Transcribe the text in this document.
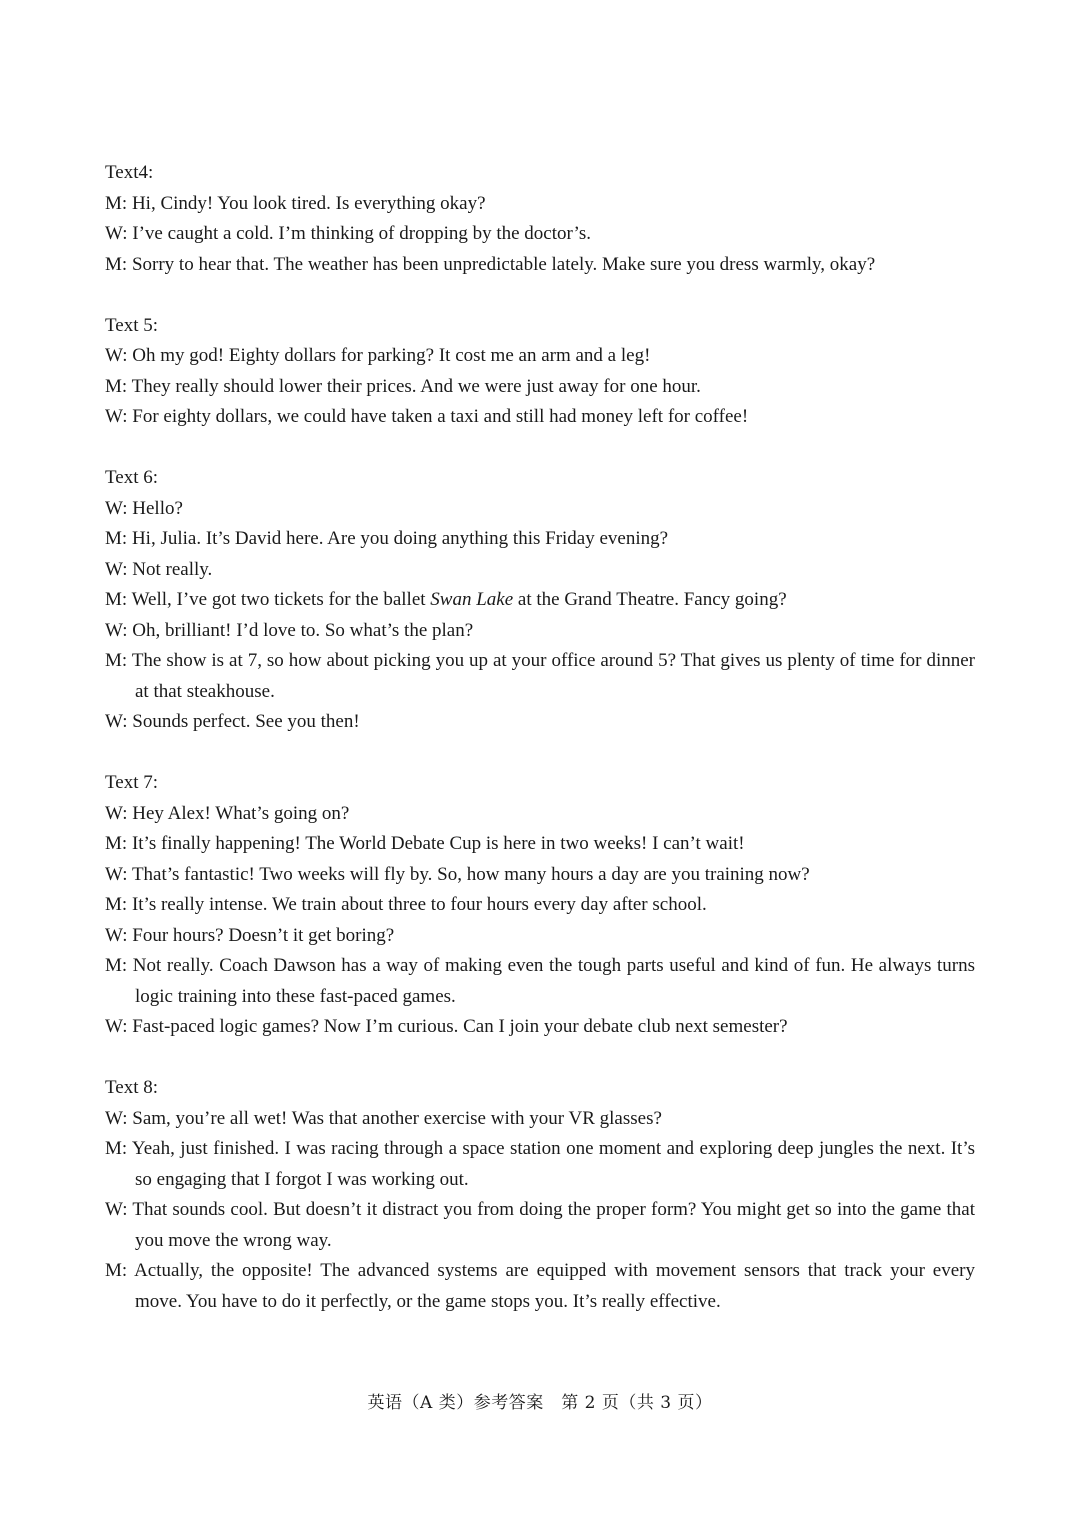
Text4:
M: Hi, Cindy! You look tired. Is everything okay?
W: I’ve caught a cold. I’m thinking of dropping by the doctor’s.
M: Sorry to hear that. The weather has been unpredictable lately. Make sure you dress warmly, okay?
Text 5:
W: Oh my god! Eighty dollars for parking? It cost me an arm and a leg!
M: They really should lower their prices. And we were just away for one hour.
W: For eighty dollars, we could have taken a taxi and still had money left for coffee!
Text 6:
W: Hello?
M: Hi, Julia. It’s David here. Are you doing anything this Friday evening?
W: Not really.
M: Well, I’ve got two tickets for the ballet Swan Lake at the Grand Theatre. Fancy going?
W: Oh, brilliant! I’d love to. So what’s the plan?
M: The show is at 7, so how about picking you up at your office around 5? That gives us plenty of time for dinner at that steakhouse.
W: Sounds perfect. See you then!
Text 7:
W: Hey Alex! What’s going on?
M: It’s finally happening! The World Debate Cup is here in two weeks! I can’t wait!
W: That’s fantastic! Two weeks will fly by. So, how many hours a day are you training now?
M: It’s really intense. We train about three to four hours every day after school.
W: Four hours? Doesn’t it get boring?
M: Not really. Coach Dawson has a way of making even the tough parts useful and kind of fun. He always turns logic training into these fast-paced games.
W: Fast-paced logic games? Now I’m curious. Can I join your debate club next semester?
Text 8:
W: Sam, you’re all wet! Was that another exercise with your VR glasses?
M: Yeah, just finished. I was racing through a space station one moment and exploring deep jungles the next. It’s so engaging that I forgot I was working out.
W: That sounds cool. But doesn’t it distract you from doing the proper form? You might get so into the game that you move the wrong way.
M: Actually, the opposite! The advanced systems are equipped with movement sensors that track your every move. You have to do it perfectly, or the game stops you. It’s really effective.
英语（A 类）参考答案　第 2 页（共 3 页）
